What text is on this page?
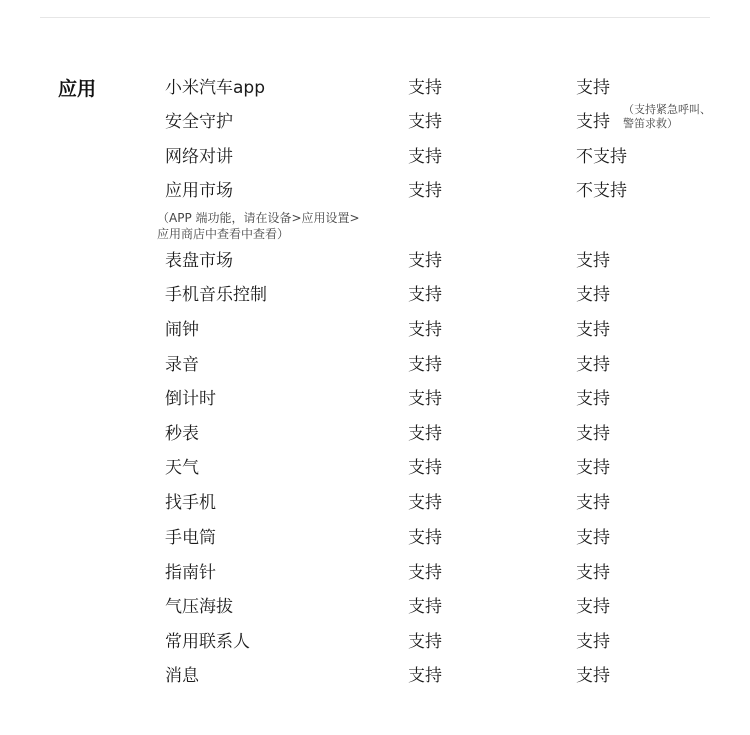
应用	小米汽车app	支持	支持
安全守护	支持	支持
（支持紧急呼叫、
警笛求救）
网络对讲	支持	不支持
应用市场	支持	不支持
（APP 端功能，请在设备>应用设置>
应用商店中查看中查看）
表盘市场	支持	支持
手机音乐控制	支持	支持
闹钟	支持	支持
录音	支持	支持
倒计时	支持	支持
秒表	支持	支持
天气	支持	支持
找手机	支持	支持
手电筒	支持	支持
指南针	支持	支持
气压海拔	支持	支持
常用联系人	支持	支持
消息	支持	支持
